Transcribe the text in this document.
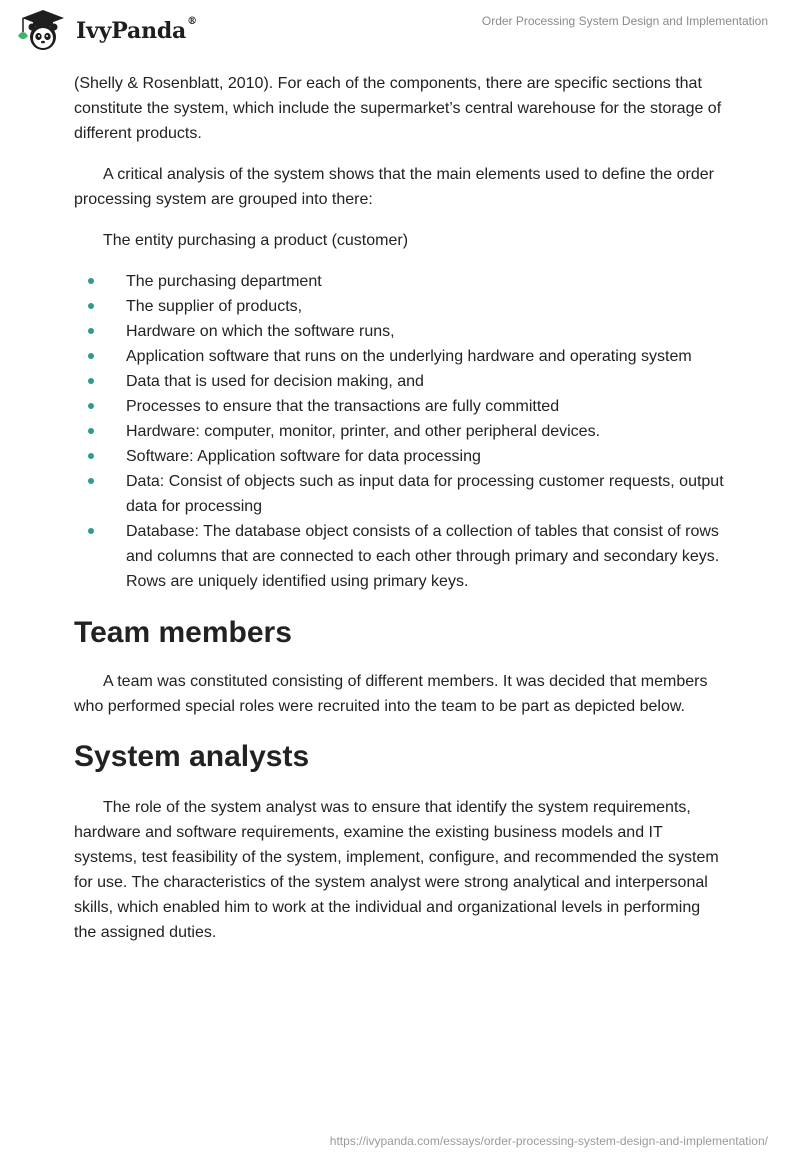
IvyPanda®	Order Processing System Design and Implementation

(Shelly & Rosenblatt, 2010). For each of the components, there are specific sections that constitute the system, which include the supermarket’s central warehouse for the storage of different products.

A critical analysis of the system shows that the main elements used to define the order processing system are grouped into there:

The entity purchasing a product (customer)

The purchasing department
The supplier of products,
Hardware on which the software runs,
Application software that runs on the underlying hardware and operating system
Data that is used for decision making, and
Processes to ensure that the transactions are fully committed
Hardware: computer, monitor, printer, and other peripheral devices.
Software: Application software for data processing
Data: Consist of objects such as input data for processing customer requests, output data for processing
Database: The database object consists of a collection of tables that consist of rows and columns that are connected to each other through primary and secondary keys. Rows are uniquely identified using primary keys.
Team members

A team was constituted consisting of different members. It was decided that members who performed special roles were recruited into the team to be part as depicted below.

System analysts

The role of the system analyst was to ensure that identify the system requirements, hardware and software requirements, examine the existing business models and IT systems, test feasibility of the system, implement, configure, and recommended the system for use. The characteristics of the system analyst were strong analytical and interpersonal skills, which enabled him to work at the individual and organizational levels in performing the assigned duties.

https://ivypanda.com/essays/order-processing-system-design-and-implementation/
